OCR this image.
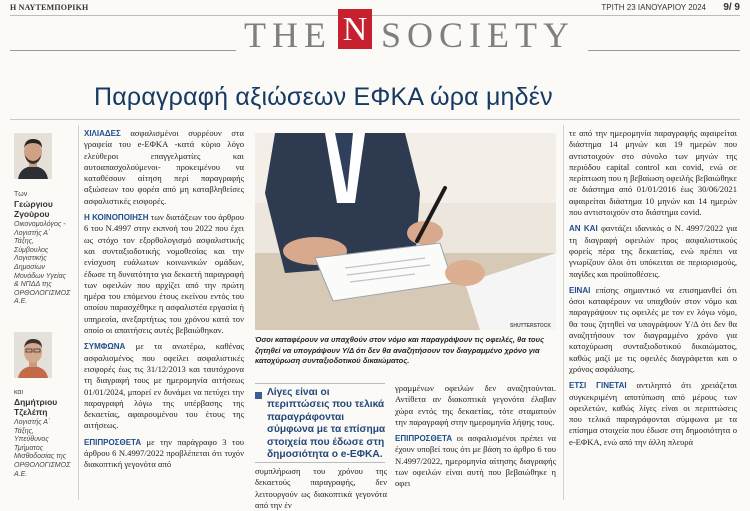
Η ΝΑΥΤΕΜΠΟΡΙΚΗ	ΤΡΙΤΗ 23 ΙΑΝΟΥΑΡΙΟΥ 2024 9/ 9
THE N SOCIETY
Παραγραφή αξιώσεων ΕΦΚΑ ώρα μηδέν
Των
Γεώργιου Ζγούρου
Οικονομολόγος - Λογιστής Α΄ Τάξης, Σύμβουλος Λογιστικής Δημοσίων Μονάδων Υγείας & ΝΠΔΔ της ΟΡΘΟΛΟΓΙΣΜΟΣ Α.Ε.
και
Δημήτριου Τζελέπη
Λογιστής Α΄ Τάξης, Υπεύθυνος Τμήματος Μισθοδοσίας της ΟΡΘΟΛΟΓΙΣΜΟΣ Α.Ε.

ΧΙΛΙΑΔΕΣ ασφαλισμένοι συρρέουν στα γραφεία του e-ΕΦΚΑ -κατά κύριο λόγο ελεύθεροι επαγγελματίες και αυτοαπασχολούμενοι- προκειμένου να καταθέσουν αίτηση περί παραγραφής αξιώσεων του φορέα από μη καταβληθείσες ασφαλιστικές εισφορές.

Η ΚΟΙΝΟΠΟΙΗΣΗ των διατάξεων του άρθρου 6 του Ν.4997 στην εκπνοή του 2022 που έχει ως στόχο τον εξορθολογισμό ασφαλιστικής και συνταξιοδοτικής νομοθεσίας και την ενίσχυση ευάλωτων κοινωνικών ομάδων, έδωσε τη δυνατότητα για δεκαετή παραγραφή των οφειλών που αρχίζει από την πρώτη ημέρα του επόμενου έτους εκείνου εντός του οποίου παρασχέθηκε η ασφαλιστέα εργασία ή υπηρεσία, ανεξαρτήτως του χρόνου κατά τον οποίο οι απαιτήσεις αυτές βεβαιώθηκαν.

ΣΥΜΦΩΝΑ με τα ανωτέρω, καθένας ασφαλισμένος που οφείλει ασφαλιστικές εισφορές έως τις 31/12/2013 και ταυτόχρονα τη διαγραφή τους με ημερομηνία αιτήσεως 01/01/2024, μπορεί εν δυνάμει να πετύχει την παραγραφή λόγω της υπέρβασης της δεκαετίας, αφαιρουμένου του έτους της αιτήσεως.

ΕΠΙΠΡΟΣΘΕΤΑ με την παράγραφο 3 του άρθρου 6 Ν.4997/2022 προβλέπεται ότι τυχόν διακοπτική γεγονότα από

SHUTTERSTOCK
Όσοι καταφέρουν να υπαχθούν στον νόμο και παραγράψουν τις οφειλές, θα τους ζητηθεί να υπογράψουν Υ/Δ ότι δεν θα αναζητήσουν τον διαγραμμένο χρόνο για κατοχύρωση συνταξιοδοτικού δικαιώματος.
Λίγες είναι οι περιπτώσεις που τελικά παραγράφονται σύμφωνα με τα επίσημα στοιχεία που έδωσε στη δημοσιότητα ο e-ΕΦΚΑ.
συμπλήρωση του χρόνου της δεκαετούς παραγραφής, δεν λειτουργούν ως διακοπτικά γεγονότα από την έν

γραμμένων οφειλών δεν αναζητούνται. Αντίθετα αν διακοπτικά γεγονότα έλαβαν χώρα εντός της δεκαετίας, τότε σταματούν την παραγραφή στην ημερομηνία λήψης τους.

ΕΠΙΠΡΟΣΘΕΤΑ οι ασφαλισμένοι πρέπει να έχουν υποβεί τους ότι με βάση το άρθρο 6 του Ν.4997/2022, ημερομηνία αίτησης διαγραφής των οφειλών είναι αυτή που βεβαιώθηκε η οφει

τε από την ημερομηνία παραγραφής αφαιρείται διάστημα 14 μηνών και 19 ημερών που αντιστοιχούν στο σύνολο των μηνών της περιόδου capital control και covid, ενώ σε περίπτωση που η βεβαίωση οφειλής βεβαιώθηκε σε διάστημα από 01/01/2016 έως 30/06/2021 αφαιρείται διάστημα 10 μηνών και 14 ημερών που αντιστοιχούν στο διάστημα covid.

ΑΝ ΚΑΙ φαντάζει ιδανικός ο Ν. 4997/2022 για τη διαγραφή οφειλών προς ασφαλιστικούς φορείς πέρα της δεκαετίας, ενώ πρέπει να γνωρίζουν όλοι ότι υπόκειται σε περιορισμούς, παγίδες και προϋποθέσεις.

ΕΙΝΑΙ επίσης σημαντικό να επισημανθεί ότι όσοι καταφέρουν να υπαχθούν στον νόμο και παραγράψουν τις οφειλές με τον εν λόγω νόμο, θα τους ζητηθεί να υπογράψουν Υ/Δ ότι δεν θα αναζητήσουν τον διαγραμμένο χρόνο για κατοχύρωση συνταξιοδοτικού δικαιώματος, καθώς μαζί με τις οφειλές διαγράφεται και ο χρόνος ασφάλισης.

ΕΤΣΙ ΓΙΝΕΤΑΙ αντιληπτό ότι χρειάζεται συγκεκριμένη αποτύπωση από μέρους των οφειλετών, καθώς λίγες είναι οι περιπτώσεις που τελικά παραγράφονται σύμφωνα με τα επίσημα στοιχεία που έδωσε στη δημοσιότητα ο e-ΕΦΚΑ, ενώ από την άλλη πλευρά
